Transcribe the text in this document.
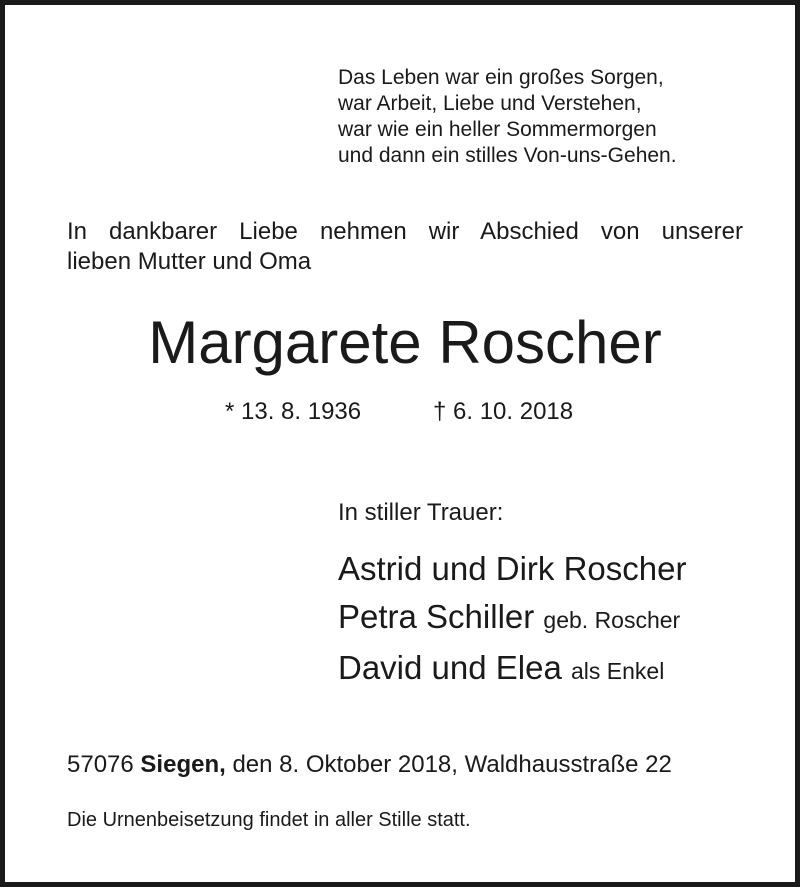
Das Leben war ein großes Sorgen,
war Arbeit, Liebe und Verstehen,
war wie ein heller Sommermorgen
und dann ein stilles Von-uns-Gehen.
In dankbarer Liebe nehmen wir Abschied von unserer
lieben Mutter und Oma
Margarete Roscher
* 13. 8. 1936	† 6. 10. 2018
In stiller Trauer:
Astrid und Dirk Roscher
Petra Schiller geb. Roscher
David und Elea als Enkel
57076 Siegen, den 8. Oktober 2018, Waldhausstraße 22
Die Urnenbeisetzung findet in aller Stille statt.
